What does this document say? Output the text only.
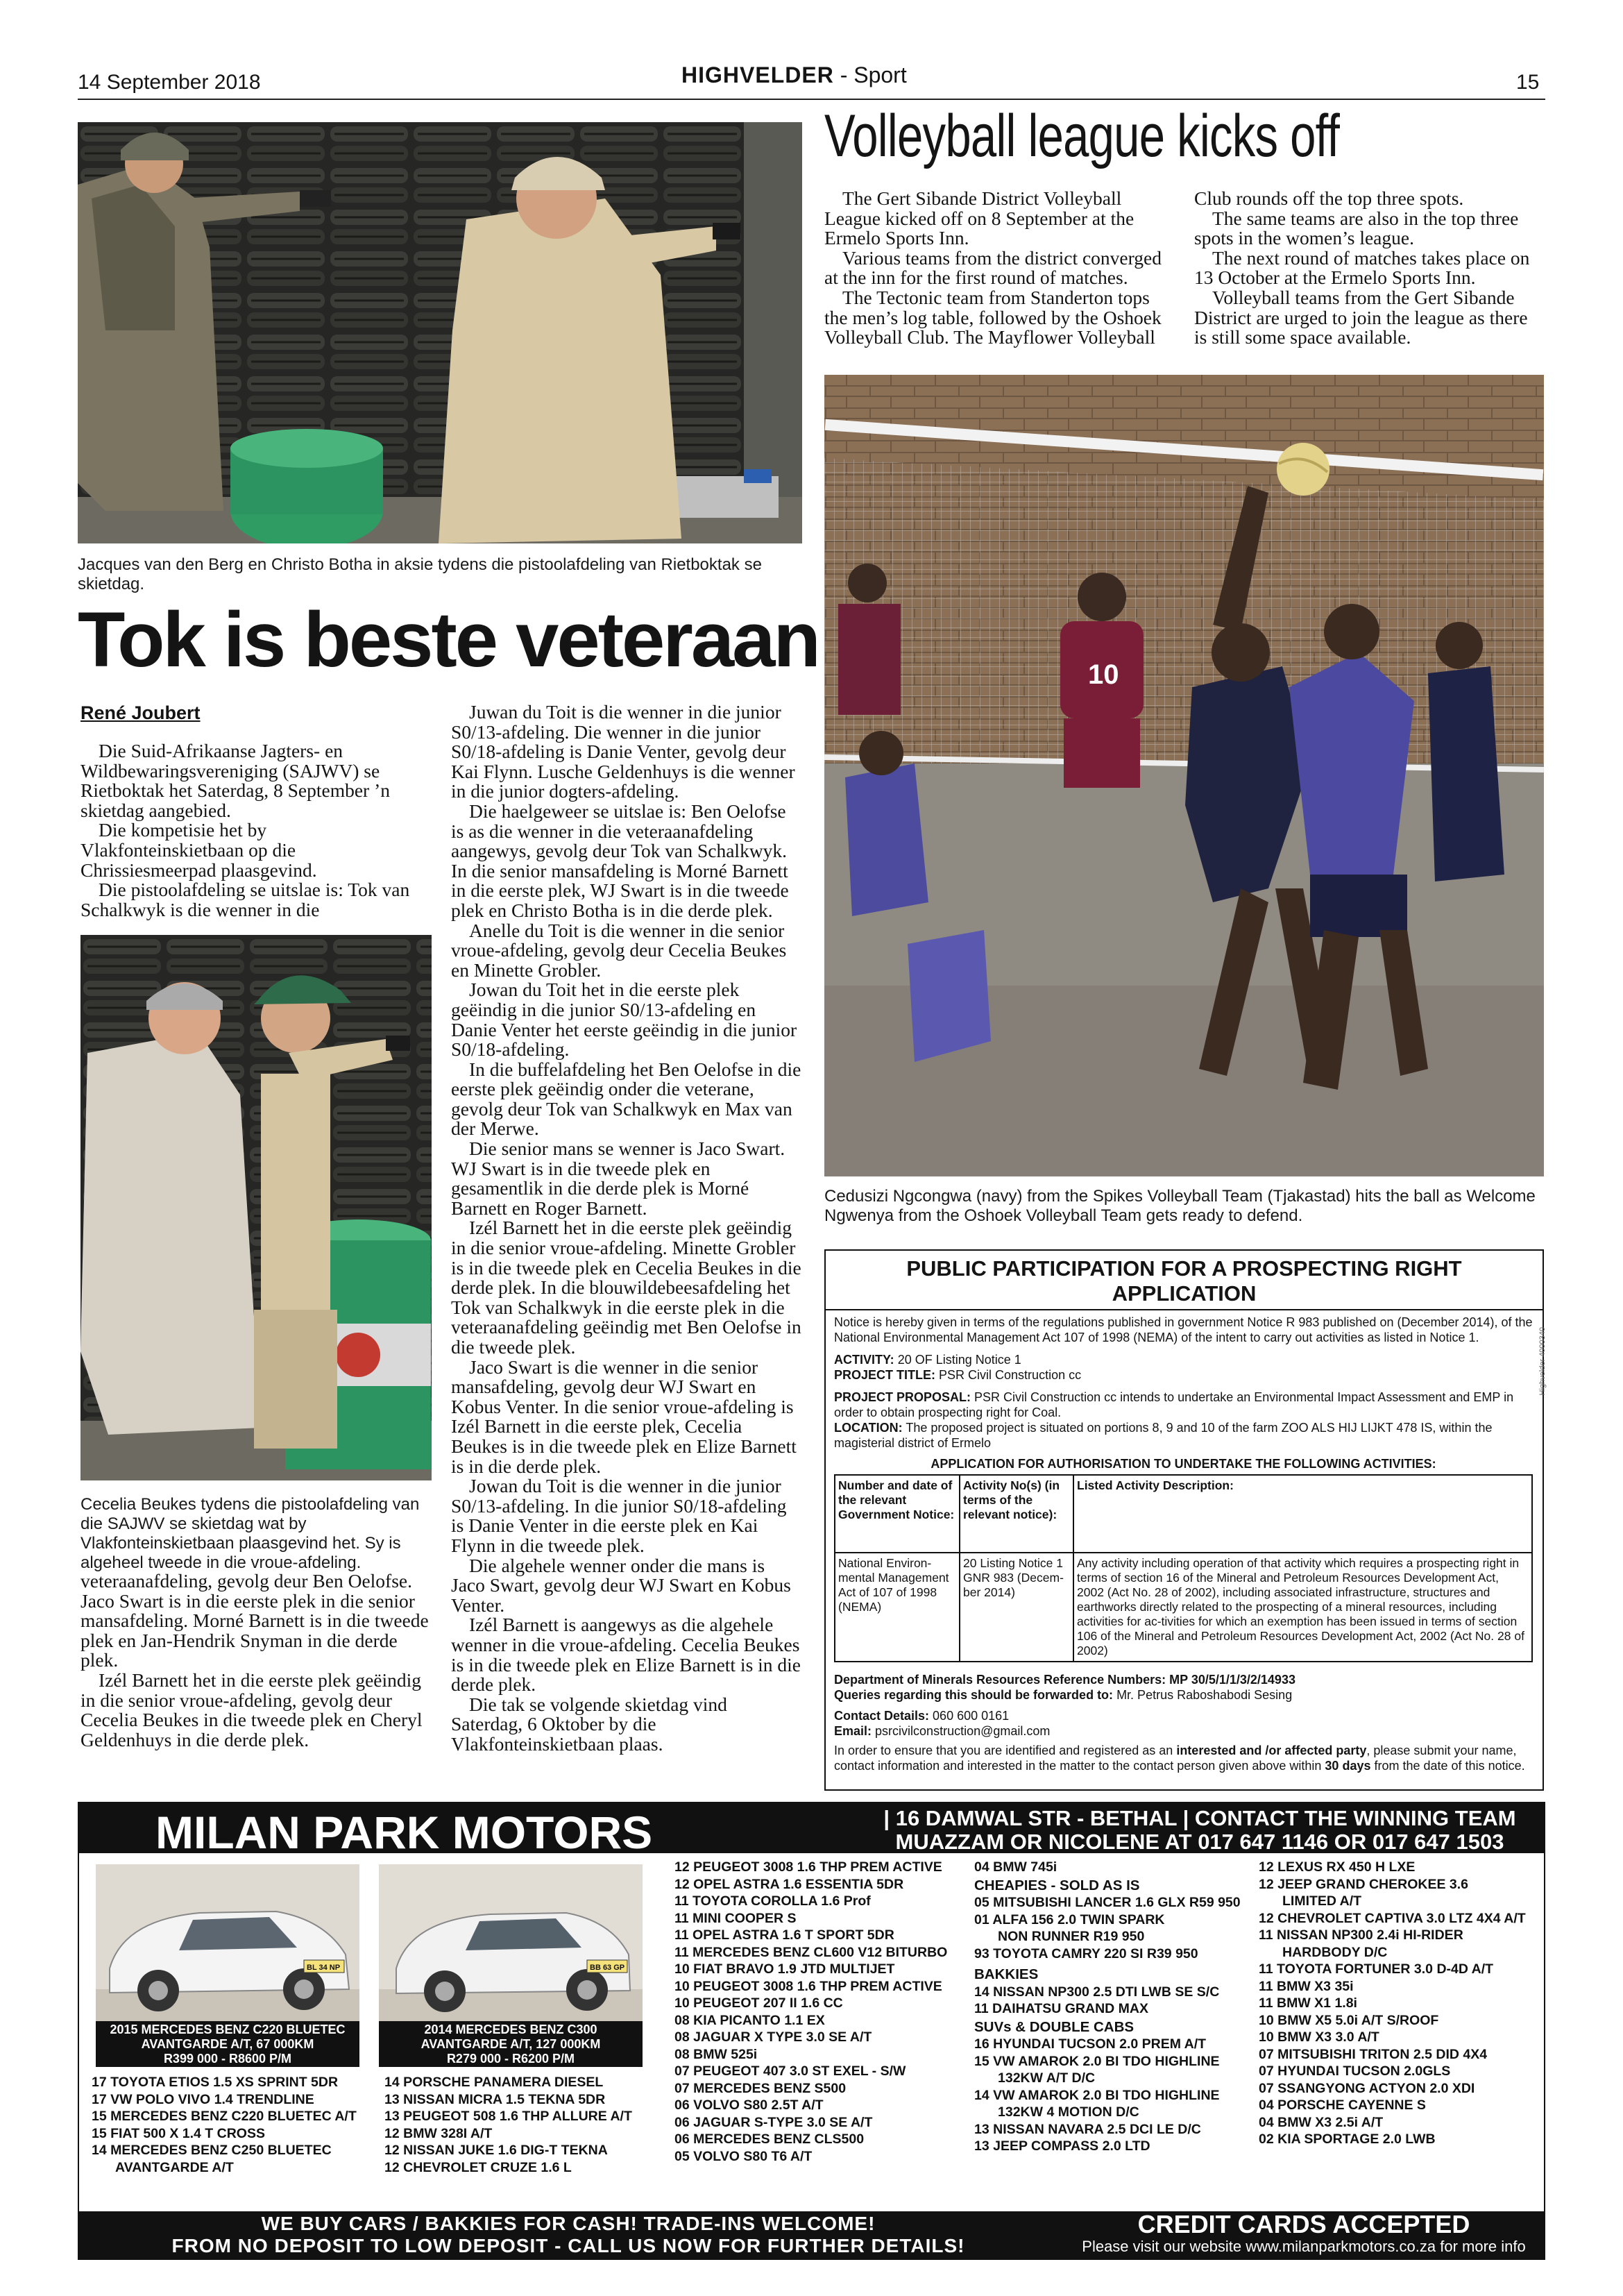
14 September 2018	HIGHVELDER - Sport	15
Jacques van den Berg en Christo Botha in aksie tydens die pistoolafdeling van Rietboktak se skietdag.
Tok is beste veteraan
René Joubert

Die Suid-Afrikaanse Jagters- en Wildbewaringsvereniging (SAJWV) se Rietboktak het Saterdag, 8 September ’n skietdag aangebied.

Die kompetisie het by Vlakfonteinskietbaan op die Chrissiesmeerpad plaasgevind.

Die pistoolafdeling se uitslae is: Tok van Schalkwyk is die wenner in die

Cecelia Beukes tydens die pistoolafdeling van die SAJWV se skietdag wat by Vlakfonteinskietbaan plaasgevind het. Sy is algeheel tweede in die vroue-afdeling.

veteraanafdeling, gevolg deur Ben Oelofse. Jaco Swart is in die eerste plek in die senior mansafdeling. Morné Barnett is in die tweede plek en Jan-Hendrik Snyman in die derde plek.

Izél Barnett het in die eerste plek geëindig in die senior vroue-afdeling, gevolg deur Cecelia Beukes in die tweede plek en Cheryl Geldenhuys in die derde plek.

Juwan du Toit is die wenner in die junior S0/13-afdeling. Die wenner in die junior S0/18-afdeling is Danie Venter, gevolg deur Kai Flynn. Lusche Geldenhuys is die wenner in die junior dogters-afdeling.

Die haelgeweer se uitslae is: Ben Oelofse is as die wenner in die veteraanafdeling aangewys, gevolg deur Tok van Schalkwyk. In die senior mansafdeling is Morné Barnett in die eerste plek, WJ Swart is in die tweede plek en Christo Botha is in die derde plek.

Anelle du Toit is die wenner in die senior vroue-afdeling, gevolg deur Cecelia Beukes en Minette Grobler.

Jowan du Toit het in die eerste plek geëindig in die junior S0/13-afdeling en Danie Venter het eerste geëindig in die junior S0/18-afdeling.

In die buffelafdeling het Ben Oelofse in die eerste plek geëindig onder die veterane, gevolg deur Tok van Schalkwyk en Max van der Merwe.

Die senior mans se wenner is Jaco Swart. WJ Swart is in die tweede plek en gesamentlik in die derde plek is Morné Barnett en Roger Barnett.

Izél Barnett het in die eerste plek geëindig in die senior vroue-afdeling. Minette Grobler is in die tweede plek en Cecelia Beukes in die derde plek. In die blouwildebeesafdeling het Tok van Schalkwyk in die eerste plek in die veteraanafdeling geëindig met Ben Oelofse in die tweede plek.

Jaco Swart is die wenner in die senior mansafdeling, gevolg deur WJ Swart en Kobus Venter. In die senior vroue-afdeling is Izél Barnett in die eerste plek, Cecelia Beukes is in die tweede plek en Elize Barnett is in die derde plek.

Jowan du Toit is die wenner in die junior S0/13-afdeling. In die junior S0/18-afdeling is Danie Venter in die eerste plek en Kai Flynn in die tweede plek.

Die algehele wenner onder die mans is Jaco Swart, gevolg deur WJ Swart en Kobus Venter.

Izél Barnett is aangewys as die algehele wenner in die vroue-afdeling. Cecelia Beukes is in die tweede plek en Elize Barnett is in die derde plek.

Die tak se volgende skietdag vind Saterdag, 6 Oktober by die Vlakfonteinskietbaan plaas.

Volleyball league kicks off

The Gert Sibande District Volleyball League kicked off on 8 September at the Ermelo Sports Inn.

Various teams from the district converged at the inn for the first round of matches.

The Tectonic team from Standerton tops the men’s log table, followed by the Oshoek Volleyball Club. The Mayflower Volleyball

Club rounds off the top three spots.

The same teams are also in the top three spots in the women’s league.

The next round of matches takes place on 13 October at the Ermelo Sports Inn.

Volleyball teams from the Gert Sibande District are urged to join the league as there is still some space available.

10
Cedusizi Ngcongwa (navy) from the Spikes Volleyball Team (Tjakastad) hits the ball as Welcome Ngwenya from the Oshoek Volleyball Team gets ready to defend.
PUBLIC PARTICIPATION FOR A PROSPECTING RIGHT APPLICATION
Notice is hereby given in terms of the regulations published in government Notice R 983 published on (December 2014), of the National Environmental Management Act 107 of 1998 (NEMA) of the intent to carry out activities as listed in Notice 1.
ACTIVITY: 20 OF Listing Notice 1
PROJECT TITLE: PSR Civil Construction cc
PROJECT PROPOSAL: PSR Civil Construction cc intends to undertake an Environmental Impact Assessment and EMP in order to obtain prospecting right for Coal.
LOCATION: The proposed project is situated on portions 8, 9 and 10 of the farm ZOO ALS HIJ LIJKT 478 IS, within the magisterial district of Ermelo
APPLICATION FOR AUTHORISATION TO UNDERTAKE THE FOLLOWING ACTIVITIES:
Number and date of the relevant Government Notice:	Activity No(s) (in terms of the relevant notice):	Listed Activity Description:
National Environ-mental Management Act of 107 of 1998 (NEMA)	20 Listing Notice 1 GNR 983 (Decem-ber 2014)	Any activity including operation of that activity which requires a prospecting right in terms of section 16 of the Mineral and Petroleum Resources Development Act, 2002 (Act No. 28 of 2002), including associated infrastructure, structures and earthworks directly related to the prospecting of a mineral resources, including activities for ac-tivities for which an exemption has been issued in terms of section 106 of the Mineral and Petroleum Resources Development Act, 2002 (Act No. 28 of 2002)
Department of Minerals Resources Reference Numbers: MP 30/5/1/1/3/2/14933
Queries regarding this should be forwarded to: Mr. Petrus Raboshabodi Sesing
Contact Details: 060 600 0161
Email: psrcivilconstruction@gmail.com
In order to ensure that you are identified and registered as an interested and /or affected party, please submit your name, contact information and interested in the matter to the contact person given above within 30 days from the date of this notice.
Highvelder 4000340
MILAN PARK MOTORS	| 16 DAMWAL STR - BETHAL | CONTACT THE WINNING TEAM
MUAZZAM OR NICOLENE AT 017 647 1146 OR 017 647 1503
BL 34 NP
2015 MERCEDES BENZ C220 BLUETEC
AVANTGARDE A/T, 67 000KM
R399 000 - R8600 P/M
BB 63 GP
2014 MERCEDES BENZ C300
AVANTGARDE A/T, 127 000KM
R279 000 - R6200 P/M
17 TOYOTA ETIOS 1.5 XS SPRINT 5DR
17 VW POLO VIVO 1.4 TRENDLINE
15 MERCEDES BENZ C220 BLUETEC A/T
15 FIAT 500 X 1.4 T CROSS
14 MERCEDES BENZ C250 BLUETEC
AVANTGARDE A/T
14 PORSCHE PANAMERA DIESEL
13 NISSAN MICRA 1.5 TEKNA 5DR
13 PEUGEOT 508 1.6 THP ALLURE A/T
12 BMW 328I A/T
12 NISSAN JUKE 1.6 DIG-T TEKNA
12 CHEVROLET CRUZE 1.6 L
12 PEUGEOT 3008 1.6 THP PREM ACTIVE
12 OPEL ASTRA 1.6 ESSENTIA 5DR
11 TOYOTA COROLLA 1.6 Prof
11 MINI COOPER S
11 OPEL ASTRA 1.6 T SPORT 5DR
11 MERCEDES BENZ CL600 V12 BITURBO
10 FIAT BRAVO 1.9 JTD MULTIJET
10 PEUGEOT 3008 1.6 THP PREM ACTIVE
10 PEUGEOT 207 II 1.6 CC
08 KIA PICANTO 1.1 EX
08 JAGUAR X TYPE 3.0 SE A/T
08 BMW 525i
07 PEUGEOT 407 3.0 ST EXEL - S/W
07 MERCEDES BENZ S500
06 VOLVO S80 2.5T A/T
06 JAGUAR S-TYPE 3.0 SE A/T
06 MERCEDES BENZ CLS500
05 VOLVO S80 T6 A/T
04 BMW 745i
CHEAPIES - SOLD AS IS
05 MITSUBISHI LANCER 1.6 GLX R59 950
01 ALFA 156 2.0 TWIN SPARK
NON RUNNER R19 950
93 TOYOTA CAMRY 220 SI R39 950
BAKKIES
14 NISSAN NP300 2.5 DTI LWB SE S/C
11 DAIHATSU GRAND MAX
SUVs & DOUBLE CABS
16 HYUNDAI TUCSON 2.0 PREM A/T
15 VW AMAROK 2.0 BI TDO HIGHLINE
132KW A/T D/C
14 VW AMAROK 2.0 BI TDO HIGHLINE
132KW 4 MOTION D/C
13 NISSAN NAVARA 2.5 DCI LE D/C
13 JEEP COMPASS 2.0 LTD
12 LEXUS RX 450 H LXE
12 JEEP GRAND CHEROKEE 3.6
LIMITED A/T
12 CHEVROLET CAPTIVA 3.0 LTZ 4X4 A/T
11 NISSAN NP300 2.4i HI-RIDER
HARDBODY D/C
11 TOYOTA FORTUNER 3.0 D-4D A/T
11 BMW X3 35i
11 BMW X1 1.8i
10 BMW X5 5.0i A/T S/ROOF
10 BMW X3 3.0 A/T
07 MITSUBISHI TRITON 2.5 DID 4X4
07 HYUNDAI TUCSON 2.0GLS
07 SSANGYONG ACTYON 2.0 XDI
04 PORSCHE CAYENNE S
04 BMW X3 2.5i A/T
02 KIA SPORTAGE 2.0 LWB
WE BUY CARS / BAKKIES FOR CASH! TRADE-INS WELCOME!
FROM NO DEPOSIT TO LOW DEPOSIT - CALL US NOW FOR FURTHER DETAILS!
CREDIT CARDS ACCEPTED
Please visit our website www.milanparkmotors.co.za for more info
